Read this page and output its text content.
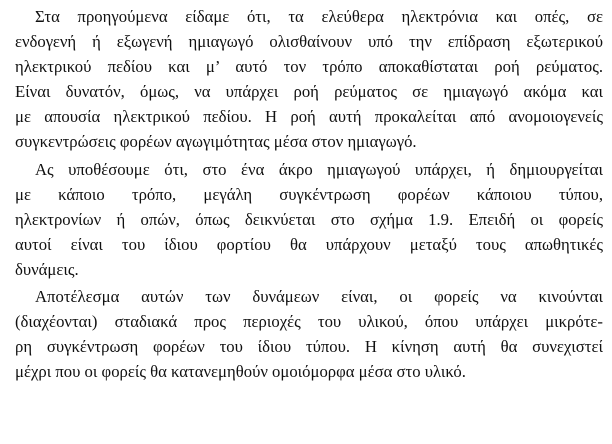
Στα προηγούμενα είδαμε ότι, τα ελεύθερα ηλεκτρόνια και οπές, σε
ενδογενή ή εξωγενή ημιαγωγό ολισθαίνουν υπό την επίδραση εξωτερικού
ηλεκτρικού πεδίου και μ’ αυτό τον τρόπο αποκαθίσταται ροή ρεύματος.
Είναι δυνατόν, όμως, να υπάρχει ροή ρεύματος σε ημιαγωγό ακόμα και
με απουσία ηλεκτρικού πεδίου. Η ροή αυτή προκαλείται από ανομοιογενείς
συγκεντρώσεις φορέων αγωγιμότητας μέσα στον ημιαγωγό.
Ας υποθέσουμε ότι, στο ένα άκρο ημιαγωγού υπάρχει, ή δημιουργείται
με κάποιο τρόπο, μεγάλη συγκέντρωση φορέων κάποιου τύπου,
ηλεκτρονίων ή οπών, όπως δεικνύεται στο σχήμα 1.9. Επειδή οι φορείς
αυτοί είναι του ίδιου φορτίου θα υπάρχουν μεταξύ τους απωθητικές
δυνάμεις.
Αποτέλεσμα αυτών των δυνάμεων είναι, οι φορείς να κινούνται
(διαχέονται) σταδιακά προς περιοχές του υλικού, όπου υπάρχει μικρότε-
ρη συγκέντρωση φορέων του ίδιου τύπου. Η κίνηση αυτή θα συνεχιστεί
μέχρι που οι φορείς θα κατανεμηθούν ομοιόμορφα μέσα στο υλικό.
